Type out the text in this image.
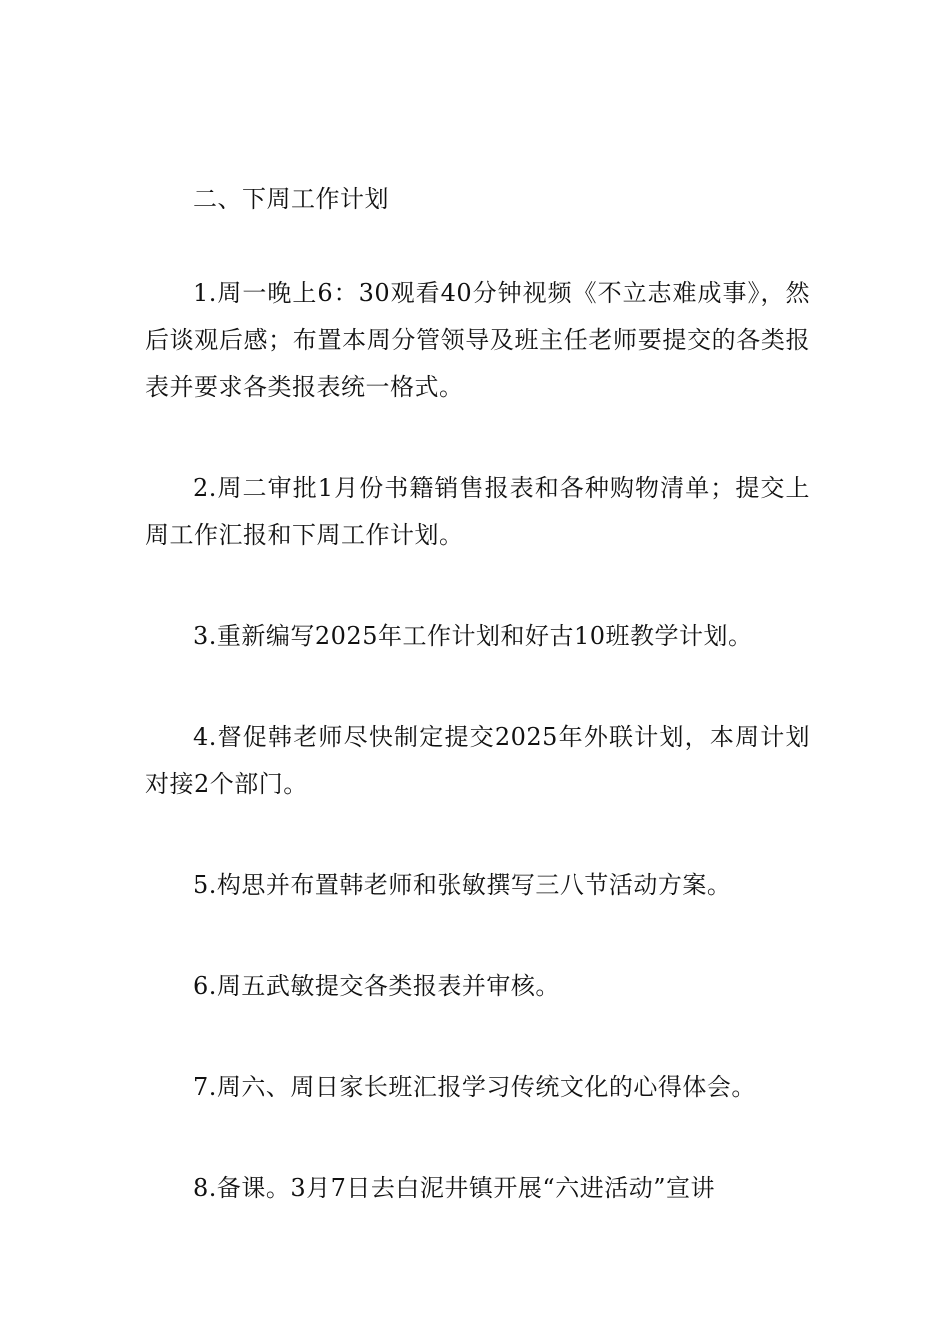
二、下周工作计划

1.周一晚上6：30观看40分钟视频《不立志难成事》，然后谈观后感；布置本周分管领导及班主任老师要提交的各类报表并要求各类报表统一格式。

2.周二审批1月份书籍销售报表和各种购物清单；提交上周工作汇报和下周工作计划。

3.重新编写2025年工作计划和好古10班教学计划。

4.督促韩老师尽快制定提交2025年外联计划，本周计划对接2个部门。

5.构思并布置韩老师和张敏撰写三八节活动方案。

6.周五武敏提交各类报表并审核。

7.周六、周日家长班汇报学习传统文化的心得体会。

8.备课。3月7日去白泥井镇开展“六进活动”宣讲
